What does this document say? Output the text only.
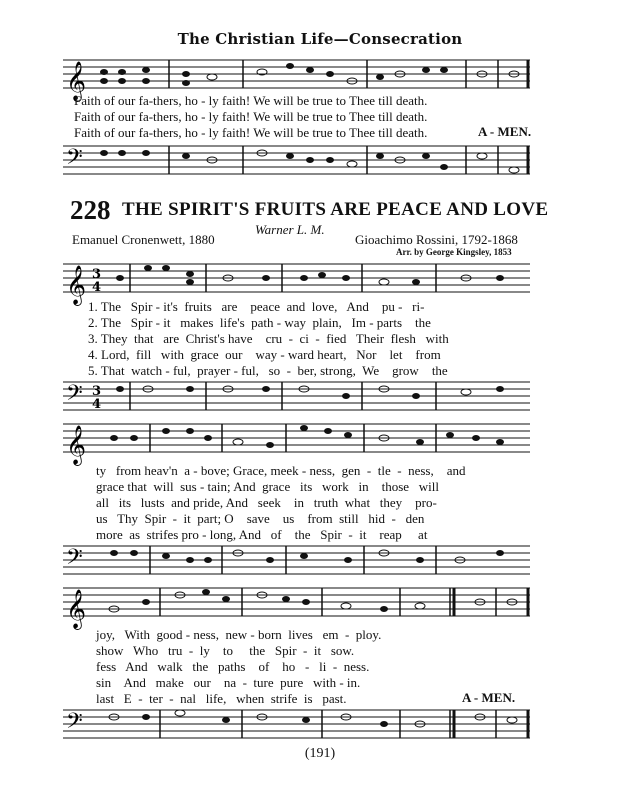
The Christian Life—Consecration
𝄞
Faith of our fa-thers, ho - ly faith! We will be true to Thee till death.
Faith of our fa-thers, ho - ly faith! We will be true to Thee till death.
Faith of our fa-thers, ho - ly faith! We will be true to Thee till death.	A - MEN.
𝄢
228 THE SPIRIT'S FRUITS ARE PEACE AND LOVE
Warner L. M.
Emanuel Cronenwett, 1880	Gioachimo Rossini, 1792-1868
Arr. by George Kingsley, 1853
𝄞 3
4
1. The   Spir - it's  fruits   are    peace  and  love,   And    pu -   ri-
2. The   Spir - it   makes  life's  path - way  plain,   Im - parts    the
3. They  that   are  Christ's have    cru  -  ci  -  fied   Their  flesh   with
4. Lord,  fill   with  grace  our    way - ward heart,   Nor    let    from
5. That  watch - ful,  prayer - ful,   so  -  ber, strong,  We    grow    the
𝄢 3
4
𝄞
ty   from heav'n  a - bove; Grace, meek - ness,  gen  -  tle  -  ness,    and
grace that  will  sus - tain; And  grace   its   work   in    those   will
all   its   lusts  and pride, And   seek    in   truth  what   they    pro-
us   Thy  Spir  -  it  part; O    save    us    from  still   hid  -   den
more  as  strifes pro - long, And   of    the   Spir  -  it    reap     at
𝄢
𝄞
joy,   With  good - ness,  new - born  lives   em  -  ploy.
show   Who   tru  -  ly    to     the   Spir  -  it   sow.
fess   And   walk   the   paths    of    ho   -   li  -  ness.
sin    And   make   our    na  -  ture  pure   with - in.
last   E  -  ter  -  nal   life,   when  strife  is   past.	A - MEN.
𝄢
(191)
